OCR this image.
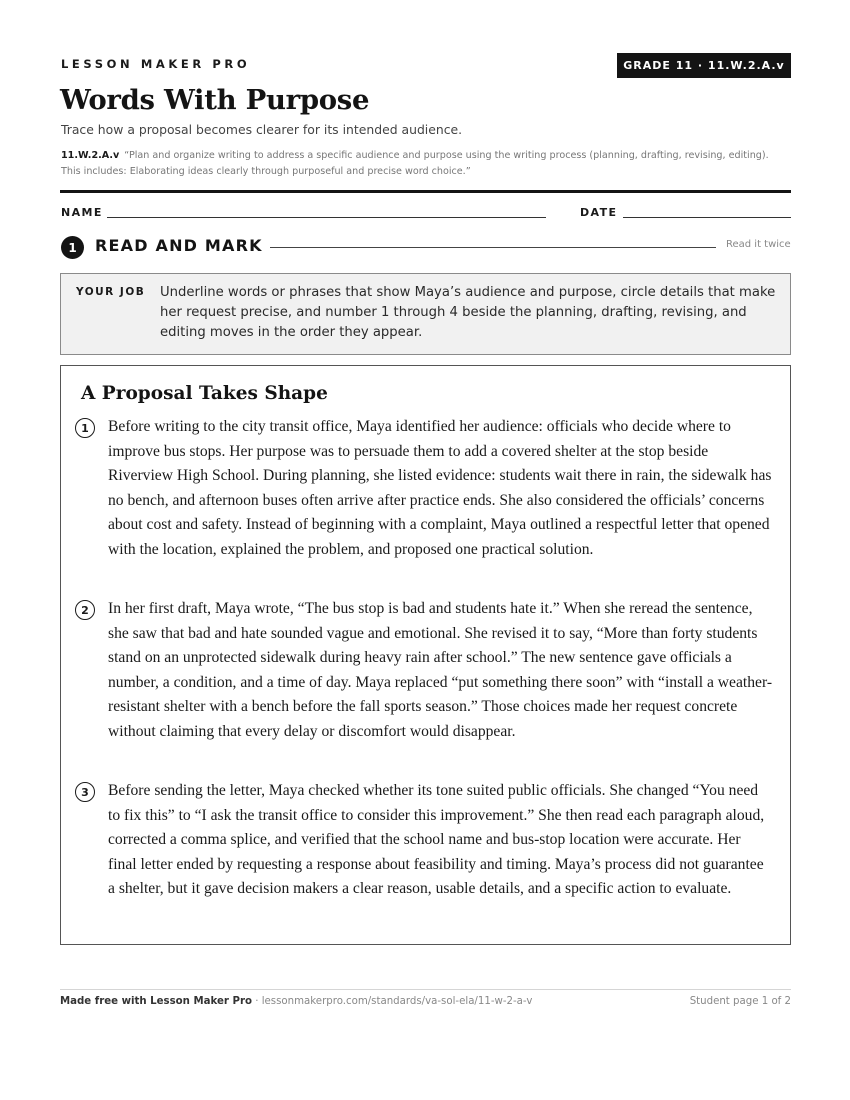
LESSON MAKER PRO	GRADE 11 · 11.W.2.A.v
Words With Purpose
Trace how a proposal becomes clearer for its intended audience.
11.W.2.A.v “Plan and organize writing to address a specific audience and purpose using the writing process (planning, drafting, revising, editing). This includes: Elaborating ideas clearly through purposeful and precise word choice.”
NAME	DATE
1	READ AND MARK	Read it twice
YOUR JOB Underline words or phrases that show Maya’s audience and purpose, circle details that make her request precise, and number 1 through 4 beside the planning, drafting, revising, and editing moves in the order they appear.
A Proposal Takes Shape
1	Before writing to the city transit office, Maya identified her audience: officials who decide where to improve bus stops. Her purpose was to persuade them to add a covered shelter at the stop beside Riverview High School. During planning, she listed evidence: students wait there in rain, the sidewalk has no bench, and afternoon buses often arrive after practice ends. She also considered the officials’ concerns about cost and safety. Instead of beginning with a complaint, Maya outlined a respectful letter that opened with the location, explained the problem, and proposed one practical solution.
2	In her first draft, Maya wrote, “The bus stop is bad and students hate it.” When she reread the sentence, she saw that bad and hate sounded vague and emotional. She revised it to say, “More than forty students stand on an unprotected sidewalk during heavy rain after school.” The new sentence gave officials a number, a condition, and a time of day. Maya replaced “put something there soon” with “install a weather-resistant shelter with a bench before the fall sports season.” Those choices made her request concrete without claiming that every delay or discomfort would disappear.
3	Before sending the letter, Maya checked whether its tone suited public officials. She changed “You need to fix this” to “I ask the transit office to consider this improvement.” She then read each paragraph aloud, corrected a comma splice, and verified that the school name and bus-stop location were accurate. Her final letter ended by requesting a response about feasibility and timing. Maya’s process did not guarantee a shelter, but it gave decision makers a clear reason, usable details, and a specific action to evaluate.
Made free with Lesson Maker Pro · lessonmakerpro.com/standards/va-sol-ela/11-w-2-a-v	Student page 1 of 2
